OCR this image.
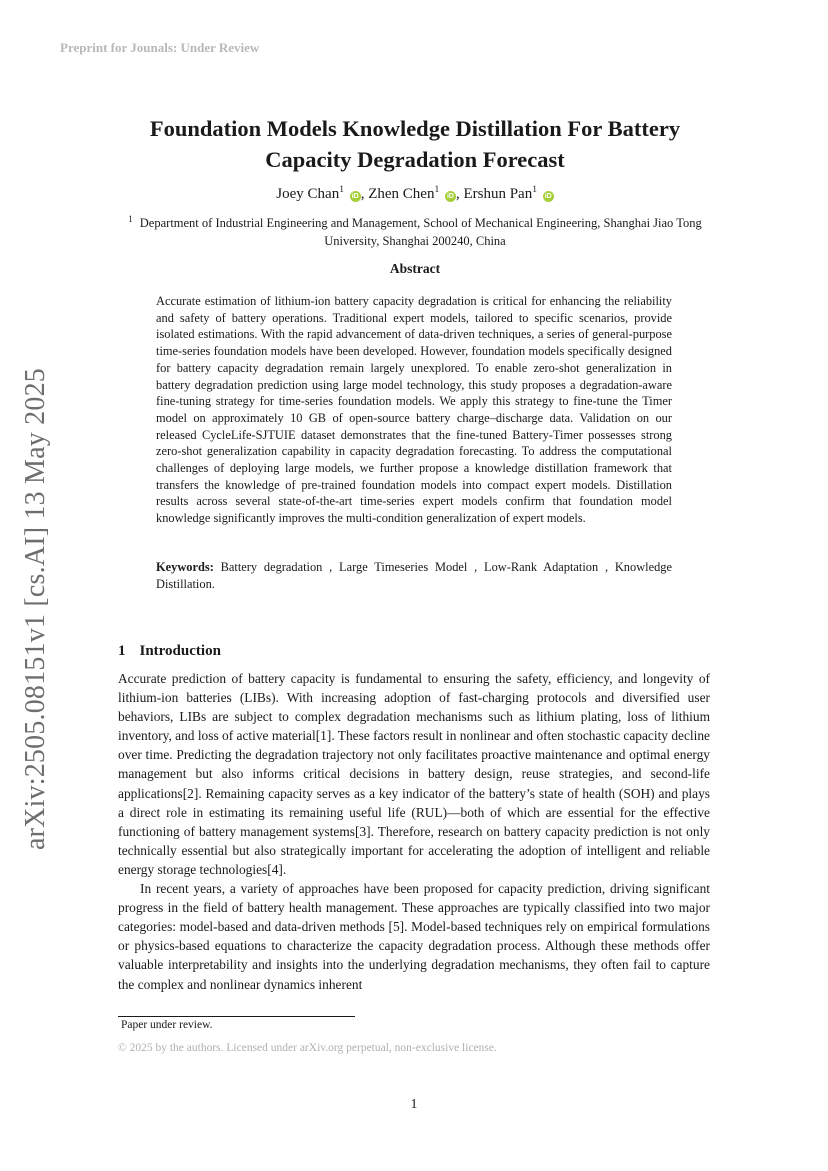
Preprint for Jounals: Under Review
arXiv:2505.08151v1 [cs.AI] 13 May 2025
Foundation Models Knowledge Distillation For Battery Capacity Degradation Forecast
Joey Chan$^1$ iD , Zhen Chen$^1$ iD , Ershun Pan$^1$ iD
$^1$ Department of Industrial Engineering and Management, School of Mechanical Engineering, Shanghai Jiao Tong University, Shanghai 200240, China
Abstract

Accurate estimation of lithium-ion battery capacity degradation is critical for enhancing the reliability and safety of battery operations. Traditional expert models, tailored to specific scenarios, provide isolated estimations. With the rapid advancement of data-driven techniques, a series of general-purpose time-series foundation models have been developed. However, foundation models specifically designed for battery capacity degradation remain largely unexplored. To enable zero-shot generalization in battery degradation prediction using large model technology, this study proposes a degradation-aware fine-tuning strategy for time-series foundation models. We apply this strategy to fine-tune the Timer model on approximately 10 GB of open-source battery charge–discharge data. Validation on our released CycleLife-SJTUIE dataset demonstrates that the fine-tuned Battery-Timer possesses strong zero-shot generalization capability in capacity degradation forecasting. To address the computational challenges of deploying large models, we further propose a knowledge distillation framework that transfers the knowledge of pre-trained foundation models into compact expert models. Distillation results across several state-of-the-art time-series expert models confirm that foundation model knowledge significantly improves the multi-condition generalization of expert models.

Keywords: Battery degradation , Large Timeseries Model , Low-Rank Adaptation , Knowledge Distillation.

1 Introduction

Accurate prediction of battery capacity is fundamental to ensuring the safety, efficiency, and longevity of lithium-ion batteries (LIBs). With increasing adoption of fast-charging protocols and diversified user behaviors, LIBs are subject to complex degradation mechanisms such as lithium plating, loss of lithium inventory, and loss of active material[1]. These factors result in nonlinear and often stochastic capacity decline over time. Predicting the degradation trajectory not only facilitates proactive maintenance and optimal energy management but also informs critical decisions in battery design, reuse strategies, and second-life applications[2]. Remaining capacity serves as a key indicator of the battery’s state of health (SOH) and plays a direct role in estimating its remaining useful life (RUL)—both of which are essential for the effective functioning of battery management systems[3]. Therefore, research on battery capacity prediction is not only technically essential but also strategically important for accelerating the adoption of intelligent and reliable energy storage technologies[4].

In recent years, a variety of approaches have been proposed for capacity prediction, driving significant progress in the field of battery health management. These approaches are typically classified into two major categories: model-based and data-driven methods [5]. Model-based techniques rely on empirical formulations or physics-based equations to characterize the capacity degradation process. Although these methods offer valuable interpretability and insights into the underlying degradation mechanisms, they often fail to capture the complex and nonlinear dynamics inherent

Paper under review.
© 2025 by the authors. Licensed under arXiv.org perpetual, non-exclusive license.
1
